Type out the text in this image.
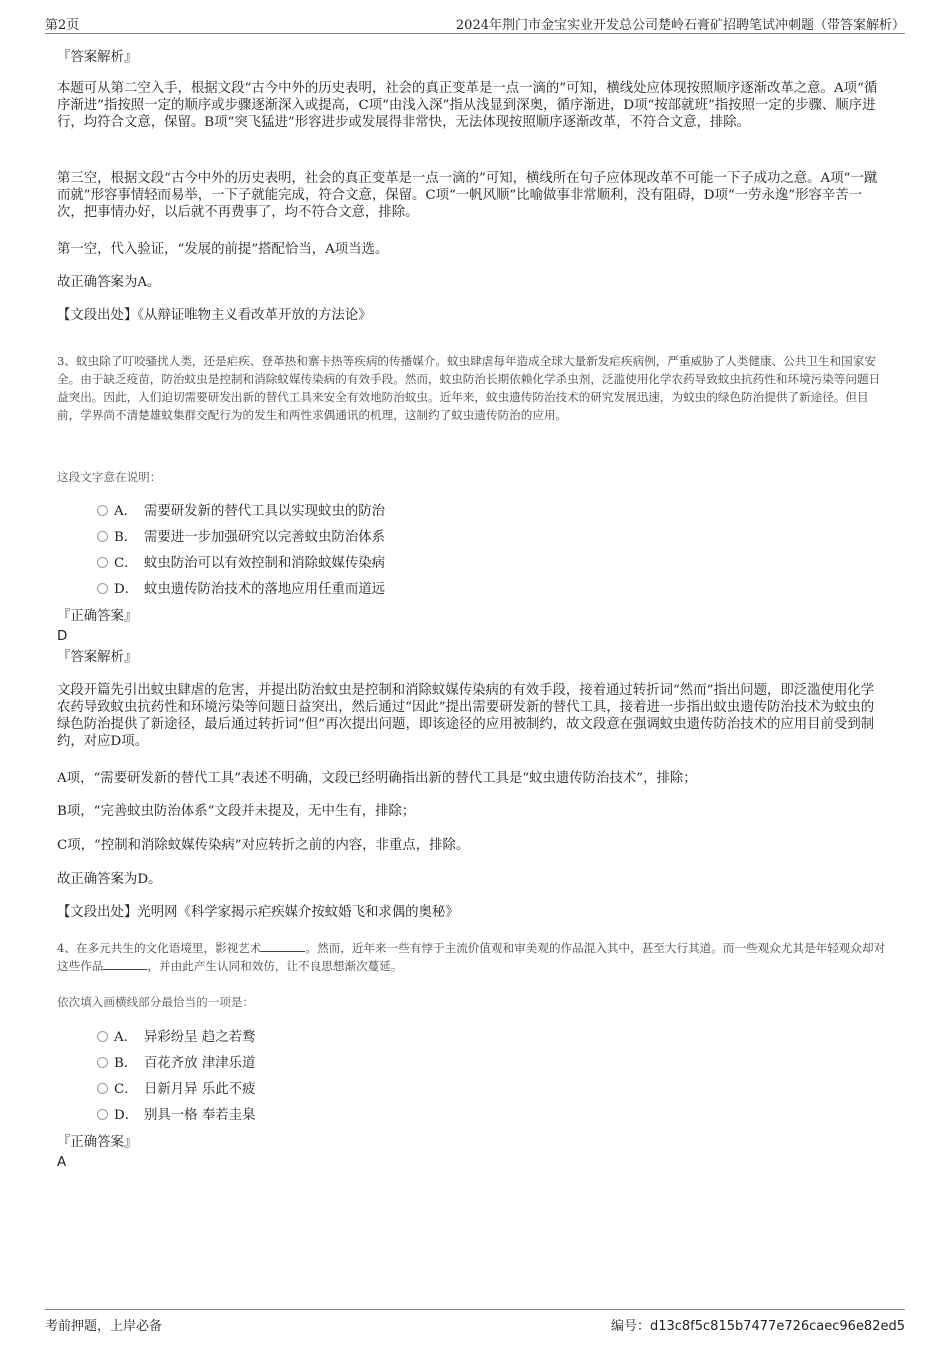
第2页	2024年荆门市金宝实业开发总公司楚岭石膏矿招聘笔试冲刺题（带答案解析）
『答案解析』
本题可从第二空入手，根据文段“古今中外的历史表明，社会的真正变革是一点一滴的”可知，横线处应体现按照顺序逐渐改革之意。A项“循序渐进”指按照一定的顺序或步骤逐渐深入或提高，C项“由浅入深”指从浅显到深奥，循序渐进，D项“按部就班”指按照一定的步骤、顺序进行，均符合文意，保留。B项“突飞猛进”形容进步或发展得非常快，无法体现按照顺序逐渐改革，不符合文意，排除。
第三空，根据文段“古今中外的历史表明，社会的真正变革是一点一滴的”可知，横线所在句子应体现改革不可能一下子成功之意。A项“一蹴而就”形容事情轻而易举，一下子就能完成，符合文意，保留。C项“一帆风顺”比喻做事非常顺利，没有阻碍，D项“一劳永逸”形容辛苦一次，把事情办好，以后就不再费事了，均不符合文意，排除。
第一空，代入验证，“发展的前提”搭配恰当，A项当选。
故正确答案为A。
【文段出处】《从辩证唯物主义看改革开放的方法论》
3、蚊虫除了叮咬骚扰人类，还是疟疾、登革热和寨卡热等疾病的传播媒介。蚊虫肆虐每年造成全球大量新发疟疾病例，严重威胁了人类健康、公共卫生和国家安全。由于缺乏疫苗，防治蚊虫是控制和消除蚊媒传染病的有效手段。然而，蚊虫防治长期依赖化学杀虫剂，泛滥使用化学农药导致蚊虫抗药性和环境污染等问题日益突出。因此，人们迫切需要研发出新的替代工具来安全有效地防治蚊虫。近年来，蚊虫遗传防治技术的研究发展迅速，为蚊虫的绿色防治提供了新途径。但目前，学界尚不清楚雄蚊集群交配行为的发生和两性求偶通讯的机理，这制约了蚊虫遗传防治的应用。
这段文字意在说明：
A． 需要研发新的替代工具以实现蚊虫的防治
B． 需要进一步加强研究以完善蚊虫防治体系
C． 蚊虫防治可以有效控制和消除蚊媒传染病
D． 蚊虫遗传防治技术的落地应用任重而道远
『正确答案』
D
『答案解析』
文段开篇先引出蚊虫肆虐的危害，并提出防治蚊虫是控制和消除蚊媒传染病的有效手段，接着通过转折词“然而”指出问题，即泛滥使用化学农药导致蚊虫抗药性和环境污染等问题日益突出，然后通过“因此”提出需要研发新的替代工具，接着进一步指出蚊虫遗传防治技术为蚊虫的绿色防治提供了新途径，最后通过转折词“但”再次提出问题，即该途径的应用被制约，故文段意在强调蚊虫遗传防治技术的应用目前受到制约，对应D项。
A项，“需要研发新的替代工具”表述不明确，文段已经明确指出新的替代工具是“蚊虫遗传防治技术”，排除；
B项，“完善蚊虫防治体系”文段并未提及，无中生有，排除；
C项，“控制和消除蚊媒传染病”对应转折之前的内容，非重点，排除。
故正确答案为D。
【文段出处】光明网《科学家揭示疟疾媒介按蚊婚飞和求偶的奥秘》
4、在多元共生的文化语境里，影视艺术	。然而，近年来一些有悖于主流价值观和审美观的作品混入其中，甚至大行其道。而一些观众尤其是年轻观众却对这些作品	，并由此产生认同和效仿，让不良思想渐次蔓延。
依次填入画横线部分最恰当的一项是：
A． 异彩纷呈 趋之若鹜
B． 百花齐放 津津乐道
C． 日新月异 乐此不疲
D． 别具一格 奉若圭臬
『正确答案』
A
考前押题，上岸必备	编号：d13c8f5c815b7477e726caec96e82ed5
